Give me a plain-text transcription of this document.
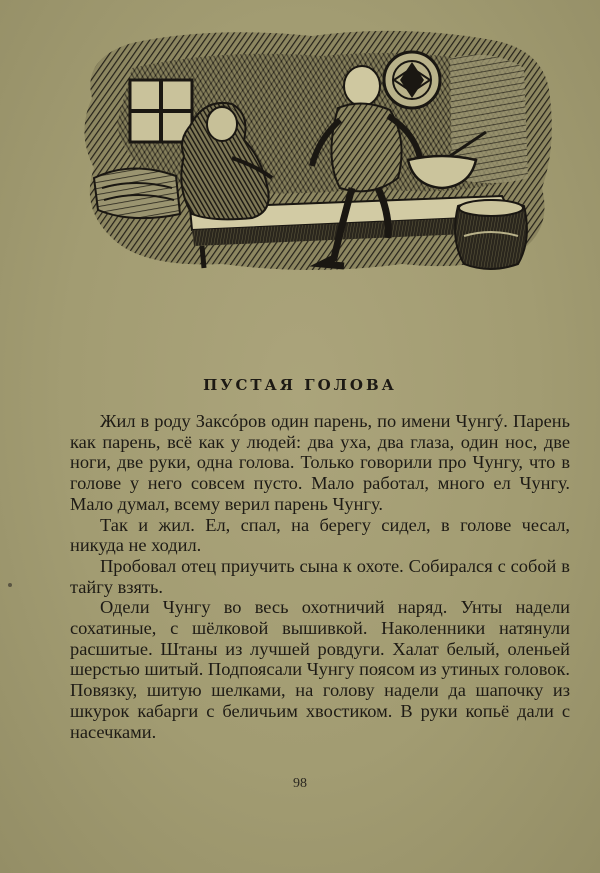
ПУСТАЯ ГОЛОВА

Жил в роду Заксóров один парень, по имени Чунгý. Парень как парень, всё как у людей: два уха, два глаза, один нос, две ноги, две руки, одна голова. Только говорили про Чунгу, что в голове у него совсем пусто. Мало работал, много ел Чунгу. Мало думал, всему верил парень Чунгу.

Так и жил. Ел, спал, на берегу сидел, в голове чесал, никуда не ходил.

Пробовал отец приучить сына к охоте. Собирался с собой в тайгу взять.

Одели Чунгу во весь охотничий наряд. Унты надели сохатиные, с шёлковой вышивкой. Наколенники натянули расшитые. Штаны из лучшей ровдуги. Халат белый, оленьей шерстью шитый. Подпоясали Чунгу поясом из утиных головок. Повязку, шитую шелками, на голову надели да шапочку из шкурок кабарги с беличьим хвостиком. В руки копьё дали с насечками.

98
